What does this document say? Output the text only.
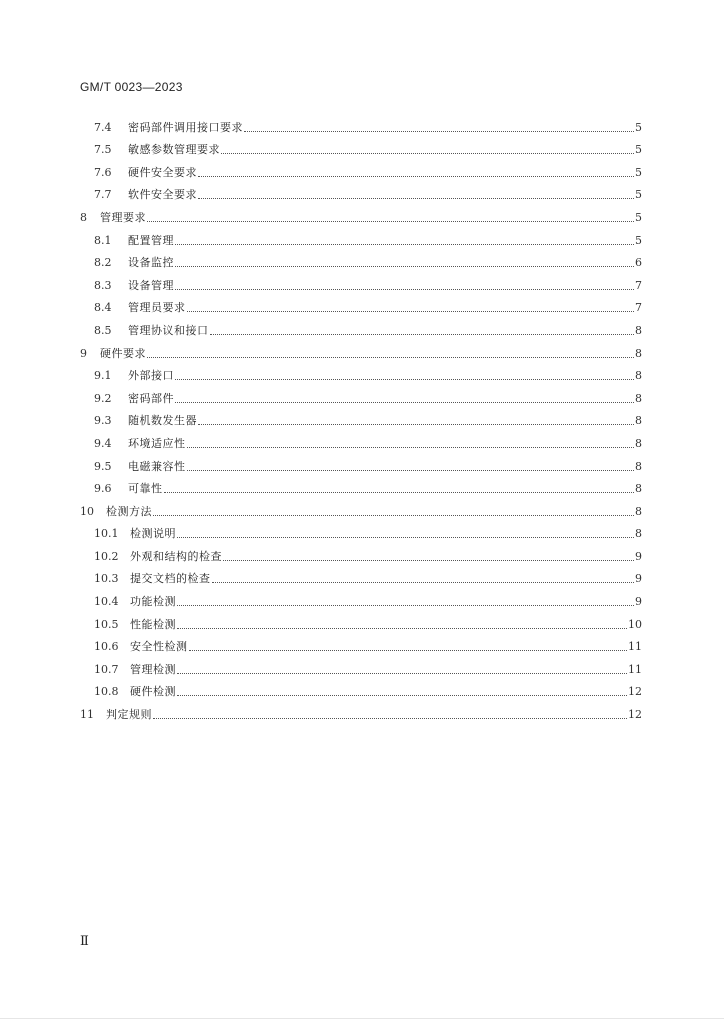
GM/T 0023—2023
7.4	密码部件调用接口要求	5
7.5	敏感参数管理要求	5
7.6	硬件安全要求	5
7.7	软件安全要求	5
8	管理要求	5
8.1	配置管理	5
8.2	设备监控	6
8.3	设备管理	7
8.4	管理员要求	7
8.5	管理协议和接口	8
9	硬件要求	8
9.1	外部接口	8
9.2	密码部件	8
9.3	随机数发生器	8
9.4	环境适应性	8
9.5	电磁兼容性	8
9.6	可靠性	8
10	检测方法	8
10.1	检测说明	8
10.2	外观和结构的检查	9
10.3	提交文档的检查	9
10.4	功能检测	9
10.5	性能检测	10
10.6	安全性检测	11
10.7	管理检测	11
10.8	硬件检测	12
11	判定规则	12
Ⅱ
